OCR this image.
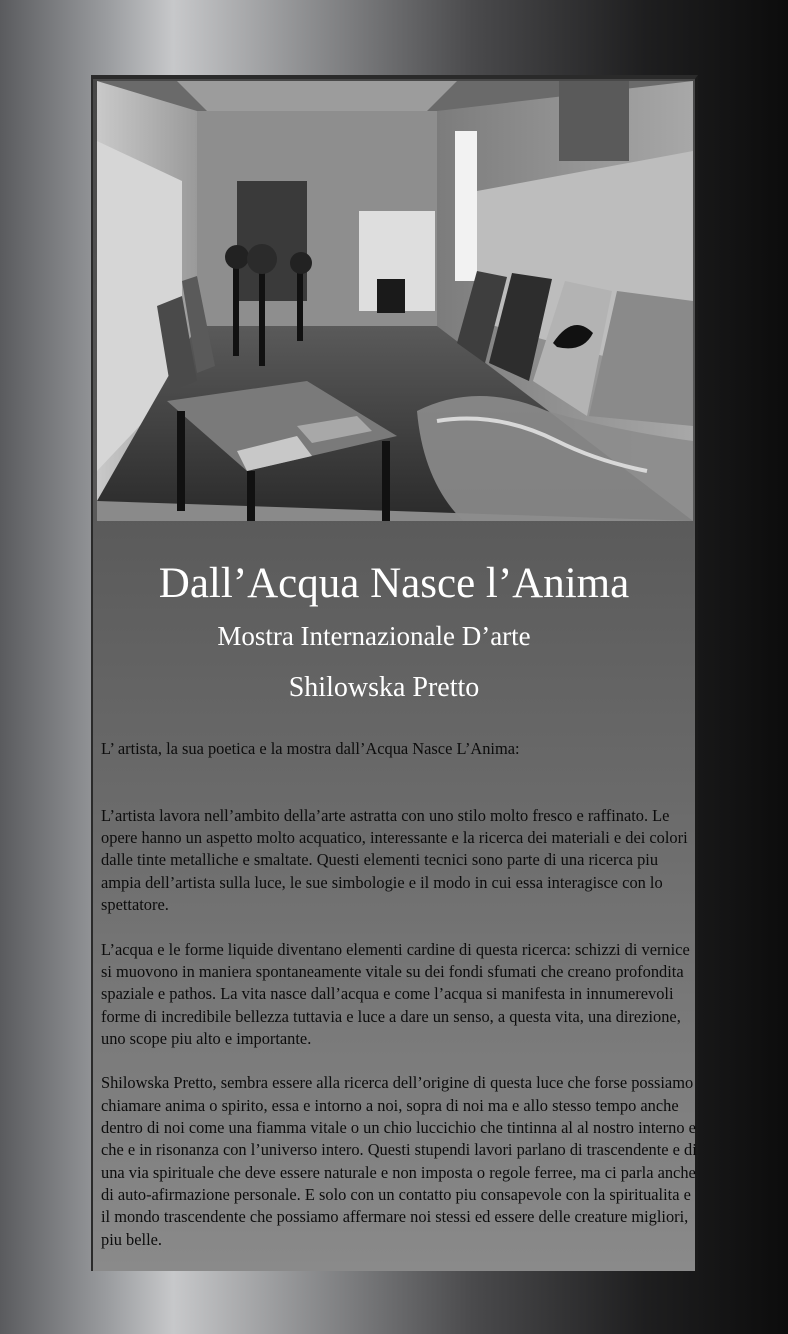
Dall’Acqua Nasce l’Anima
Mostra Internazionale D’arte
Shilowska Pretto

L’ artista, la sua poetica e la mostra dall’Acqua Nasce L’Anima:

L’artista lavora nell’ambito della’arte astratta con uno stilo molto fresco e raffinato. Le opere hanno un aspetto molto acquatico, interessante e la ricerca dei materiali e dei colori dalle tinte metalliche e smaltate. Questi elementi tecnici sono parte di una ricerca piu ampia dell’artista sulla luce, le sue simbologie e il modo in cui essa interagisce con lo spettatore.

L’acqua e le forme liquide diventano elementi cardine di questa ricerca: schizzi di vernice si muovono in maniera spontaneamente vitale su dei fondi sfumati che creano profondita spaziale e pathos. La vita nasce dall’acqua e come l’acqua si manifesta in innumerevoli forme di incredibile bellezza tuttavia e luce a dare un senso, a questa vita, una direzione, uno scope piu alto e importante.

Shilowska Pretto, sembra essere alla ricerca dell’origine di questa luce che forse possiamo chiamare anima o spirito, essa e intorno a noi, sopra di noi ma e allo stesso tempo anche dentro di noi come una fiamma vitale o un chio luccichio che tintinna al al nostro interno e che e in risonanza con l’universo intero. Questi stupendi lavori parlano di trascendente e di una via spirituale che deve essere naturale e non imposta o regole ferree, ma ci parla anche di auto-afirmazione personale. E solo con un contatto piu consapevole con la spiritualita e il mondo trascendente che possiamo affermare noi stessi ed essere delle creature migliori, piu belle.
